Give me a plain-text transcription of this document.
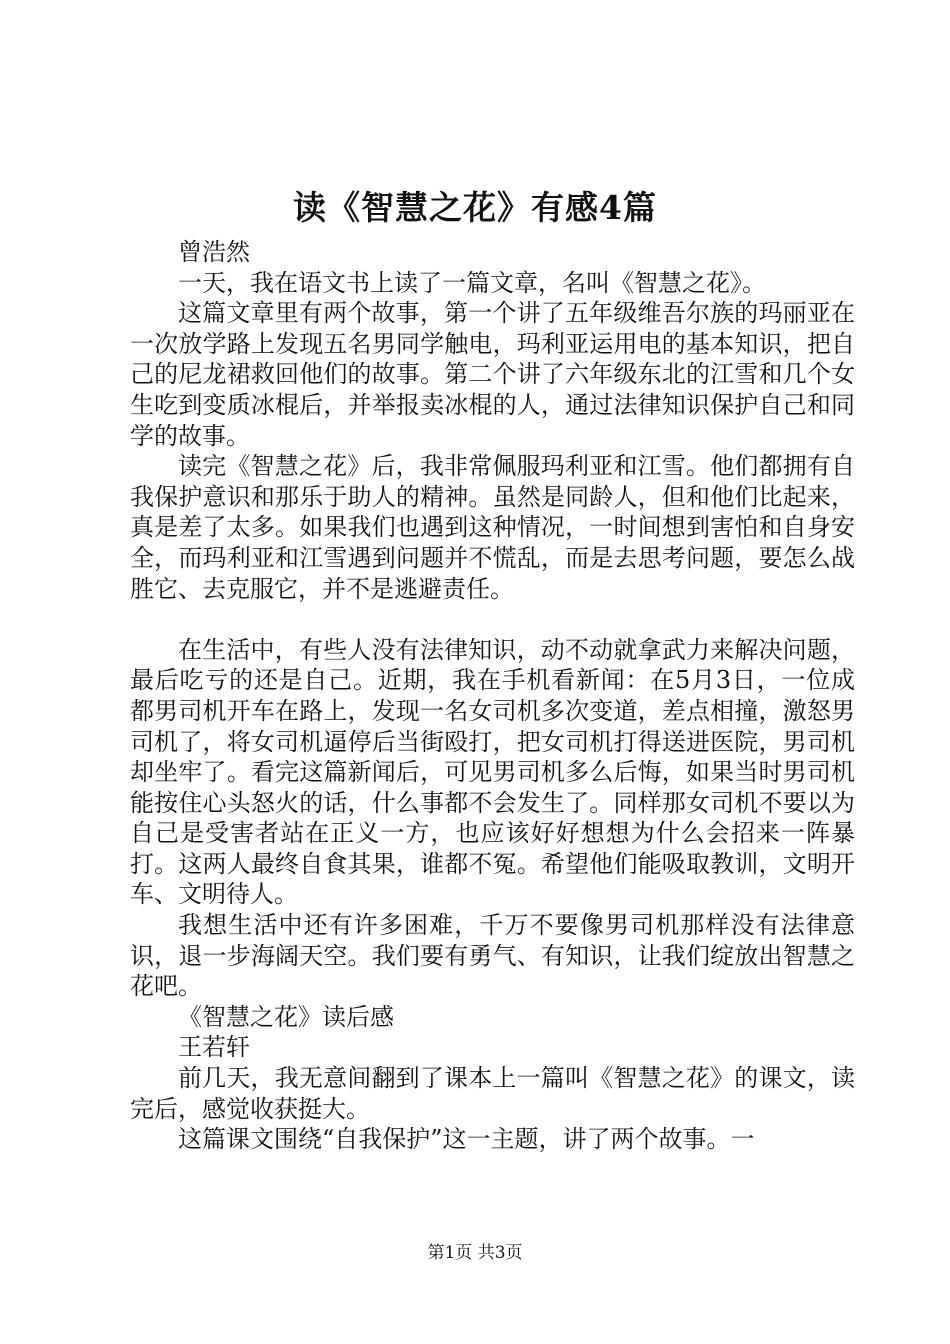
读《智慧之花》有感4篇

曾浩然

一天，我在语文书上读了一篇文章，名叫《智慧之花》。

这篇文章里有两个故事，第一个讲了五年级维吾尔族的玛丽亚在一次放学路上发现五名男同学触电，玛利亚运用电的基本知识，把自己的尼龙裙救回他们的故事。第二个讲了六年级东北的江雪和几个女生吃到变质冰棍后，并举报卖冰棍的人，通过法律知识保护自己和同学的故事。

读完《智慧之花》后，我非常佩服玛利亚和江雪。他们都拥有自我保护意识和那乐于助人的精神。虽然是同龄人，但和他们比起来，真是差了太多。如果我们也遇到这种情况，一时间想到害怕和自身安全，而玛利亚和江雪遇到问题并不慌乱，而是去思考问题，要怎么战胜它、去克服它，并不是逃避责任。

在生活中，有些人没有法律知识，动不动就拿武力来解决问题，最后吃亏的还是自己。近期，我在手机看新闻：在5月3日，一位成都男司机开车在路上，发现一名女司机多次变道，差点相撞，激怒男司机了，将女司机逼停后当街殴打，把女司机打得送进医院，男司机却坐牢了。看完这篇新闻后，可见男司机多么后悔，如果当时男司机能按住心头怒火的话，什么事都不会发生了。同样那女司机不要以为自己是受害者站在正义一方，也应该好好想想为什么会招来一阵暴打。这两人最终自食其果，谁都不冤。希望他们能吸取教训，文明开车、文明待人。

我想生活中还有许多困难，千万不要像男司机那样没有法律意识，退一步海阔天空。我们要有勇气、有知识，让我们绽放出智慧之花吧。

《智慧之花》读后感

王若轩

前几天，我无意间翻到了课本上一篇叫《智慧之花》的课文，读完后，感觉收获挺大。

这篇课文围绕“自我保护”这一主题，讲了两个故事。一

第1页 共3页
